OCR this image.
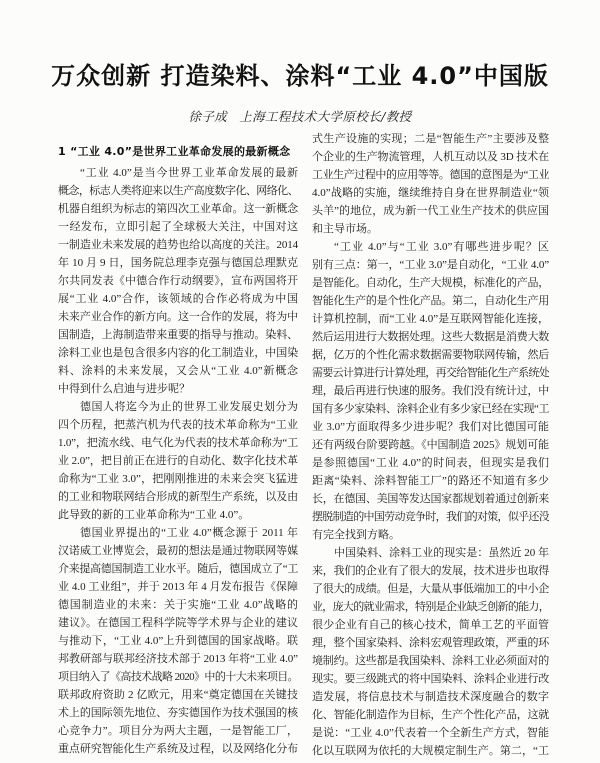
万众创新 打造染料、涂料“工业 4.0”中国版
徐子成 上海工程技术大学原校长/教授
1 “工业 4.0”是世界工业革命发展的最新概念
“工业 4.0”是当今世界工业革命发展的最新
概念，标志人类将迎来以生产高度数字化、网络化、
机器自组织为标志的第四次工业革命。这一新概念
一经发布，立即引起了全球极大关注，中国对这
一制造业未来发展的趋势也给以高度的关注。2014
年 10 月 9 日，国务院总理李克强与德国总理默克
尔共同发表《中德合作行动纲要》，宣布两国将开
展“工业 4.0”合作，该领域的合作必将成为中国
未来产业合作的新方向。这一合作的发展，将为中
国制造，上海制造带来重要的指导与推动。染料、
涂料工业也是包含很多内容的化工制造业，中国染
料、涂料的未来发展，又会从“工业 4.0”新概念
中得到什么启迪与进步呢？
德国人将迄今为止的世界工业发展史划分为
四个历程，把蒸汽机为代表的技术革命称为“工业
1.0”，把流水线、电气化为代表的技术革命称为“工
业 2.0”，把目前正在进行的自动化、数字化技术革
命称为“工业 3.0”，把刚刚推进的未来会突飞猛进
的工业和物联网结合形成的新型生产系统，以及由
此导致的新的工业革命称为“工业 4.0”。
德国业界提出的“工业 4.0”概念源于 2011 年
汉诺威工业博览会，最初的想法是通过物联网等媒
介来提高德国制造工业水平。随后，德国成立了“工
业 4.0 工业组”，并于 2013 年 4 月发布报告《保障
德国制造业的未来：关于实施“工业 4.0”战略的
建议》。在德国工程科学院等学术界与企业的建议
与推动下，“工业 4.0”上升到德国的国家战略。联
邦教研部与联邦经济技术部于 2013 年将“工业 4.0”
项目纳入了《高技术战略 2020》中的十大未来项目。
联邦政府资助 2 亿欧元，用来“奠定德国在关键技
术上的国际领先地位、夯实德国作为技术强国的核
心竞争力”。项目分为两大主题，一是智能工厂，
重点研究智能化生产系统及过程，以及网络化分布
式生产设施的实现；二是“智能生产”主要涉及整
个企业的生产物流管理，人机互动以及 3D 技术在
工业生产过程中的应用等等。德国的意图是为“工业
4.0”战略的实施，继续维持自身在世界制造业“领
头羊”的地位，成为新一代工业生产技术的供应国
和主导市场。
“工业 4.0”与“工业 3.0”有哪些进步呢？区
别有三点：第一，“工业 3.0”是自动化，“工业 4.0”
是智能化。自动化，生产大规模，标准化的产品，
智能化生产的是个性化产品。第二，自动化生产用
计算机控制，而“工业 4.0”是互联网智能化连接，
然后运用进行大数据处理。这些大数据是消费大数
据，亿万的个性化需求数据需要物联网传输，然后
需要云计算进行计算处理，再交给智能化生产系统处
理，最后再进行快速的服务。我们没有统计过，中
国有多少家染料、涂料企业有多少家已经在实现“工
业 3.0”方面取得多少进步呢？我们对比德国可能
还有两级台阶要跨越。《中国制造 2025》规划可能
是参照德国“工业 4.0”的时间表，但现实是我们
距离“染料、涂料智能工厂”的路还不知道有多少
长，在德国、美国等发达国家都规划着通过创新来
摆脱制造的中国劳动竞争时，我们的对策，似乎还没
有完全找到方略。
中国染料、涂料工业的现实是：虽然近 20 年
来，我们的企业有了很大的发展，技术进步也取得
了很大的成绩。但是，大量从事低端加工的中小企
业，庞大的就业需求，特别是企业缺乏创新的能力，
很少企业有自己的核心技术，简单工艺的平面管
理，整个国家染料、涂料宏观管理政策，严重的环
境制约。这些都是我国染料、涂料工业必须面对的
现实。要三级跳式的将中国染料、涂料企业进行改
造发展，将信息技术与制造技术深度融合的数字
化、智能化制造作为目标，生产个性化产品，这就
是说：“工业 4.0”代表着一个全新生产方式，智能
化以互联网为依托的大规模定制生产。第二，“工
